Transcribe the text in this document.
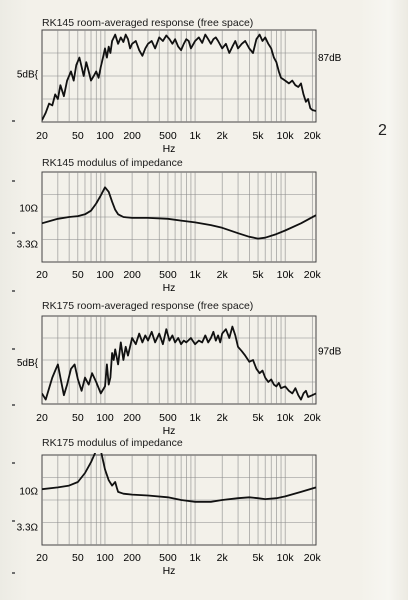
2
RK145 room-averaged response (free space)
20 50 100 200 500 1k 2k 5k 10k 20k
Hz
5dB{
87dB
RK145 modulus of impedance
20 50 100 200 500 1k 2k 5k 10k 20k
Hz
10Ω
3.3Ω
RK175 room-averaged response (free space)
20 50 100 200 500 1k 2k 5k 10k 20k
Hz
5dB{
97dB
RK175 modulus of impedance
20 50 100 200 500 1k 2k 5k 10k 20k
Hz
10Ω
3.3Ω
